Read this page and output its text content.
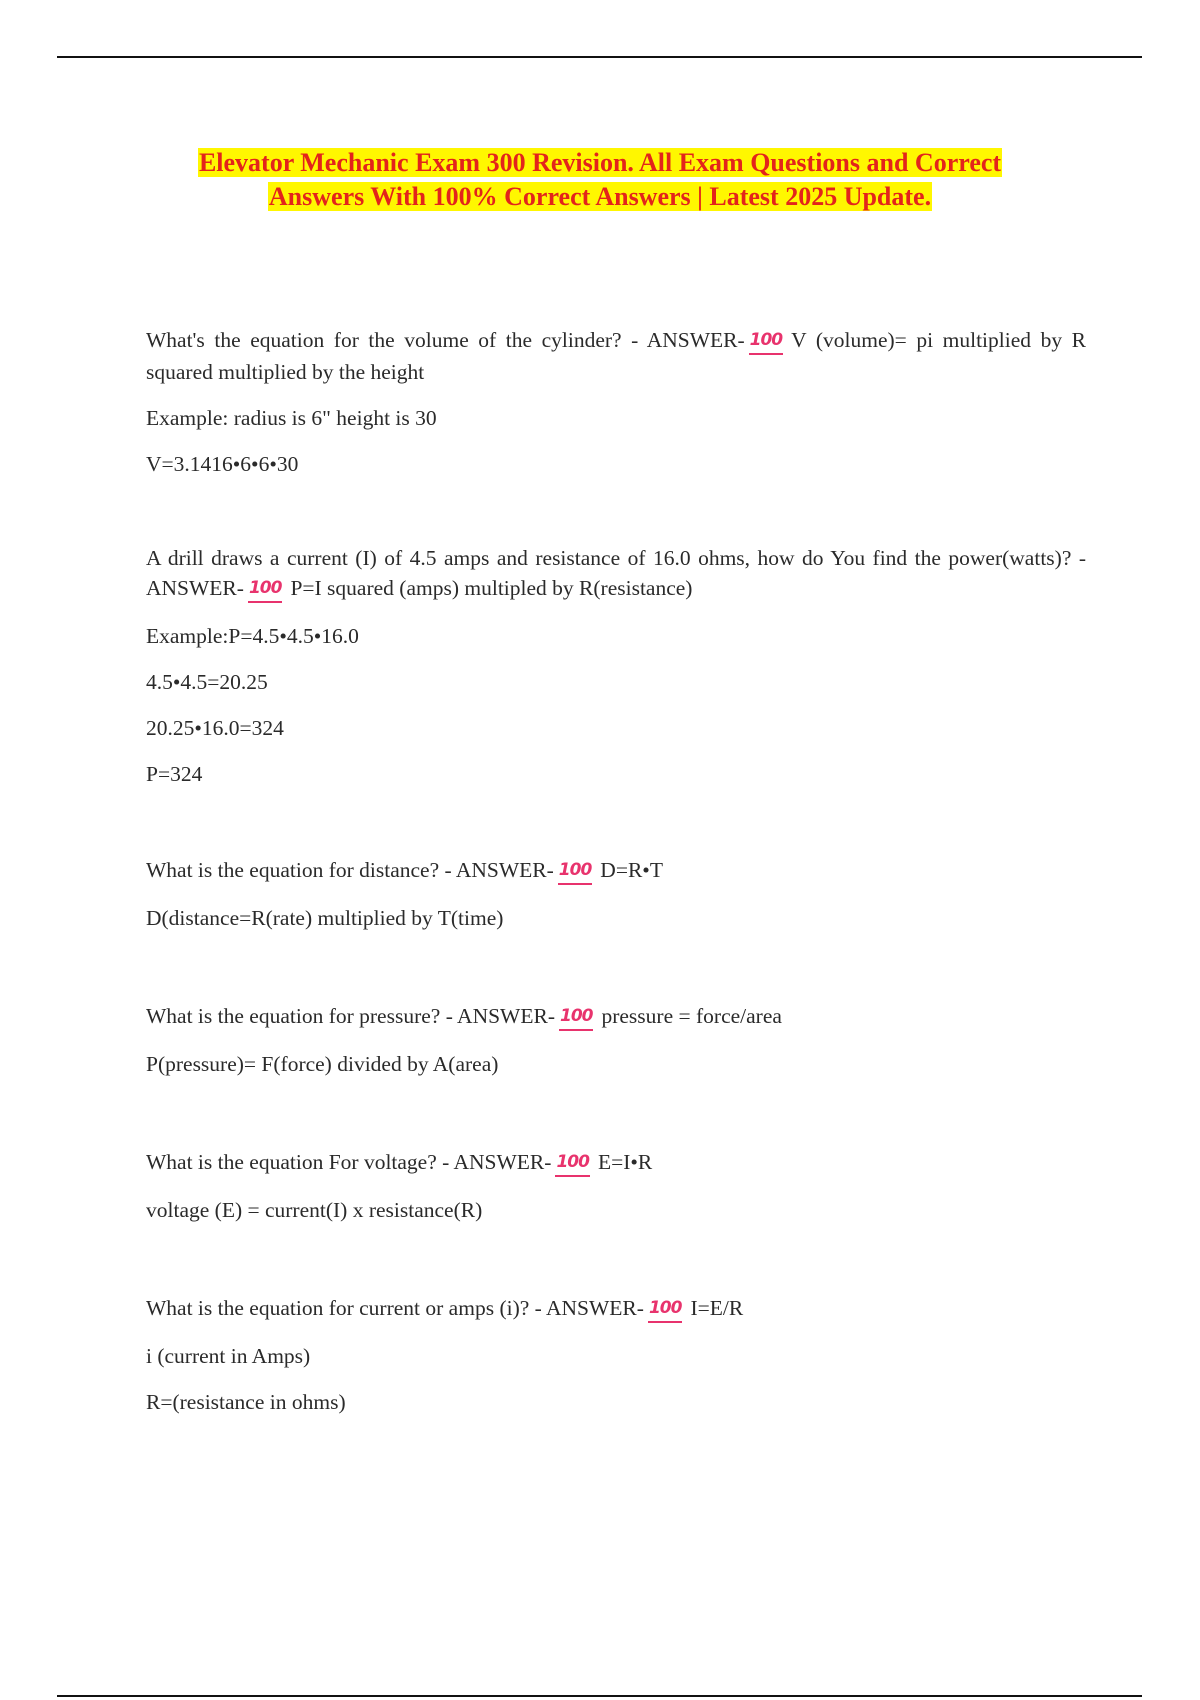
Elevator Mechanic Exam 300 Revision. All Exam Questions and Correct
Answers With 100% Correct Answers | Latest 2025 Update.

What's the equation for the volume of the cylinder? - ANSWER- 100 V (volume)= pi multiplied by R squared multiplied by the height

Example: radius is 6" height is 30

V=3.1416•6•6•30

A drill draws a current (I) of 4.5 amps and resistance of 16.0 ohms, how do You find the power(watts)? - ANSWER- 100 P=I squared (amps) multipled by R(resistance)

Example:P=4.5•4.5•16.0

4.5•4.5=20.25

20.25•16.0=324

P=324

What is the equation for distance? - ANSWER- 100 D=R•T

D(distance=R(rate) multiplied by T(time)

What is the equation for pressure? - ANSWER- 100 pressure = force/area

P(pressure)= F(force) divided by A(area)

What is the equation For voltage? - ANSWER- 100 E=I•R

voltage (E) = current(I) x resistance(R)

What is the equation for current or amps (i)? - ANSWER- 100 I=E/R

i (current in Amps)

R=(resistance in ohms)
